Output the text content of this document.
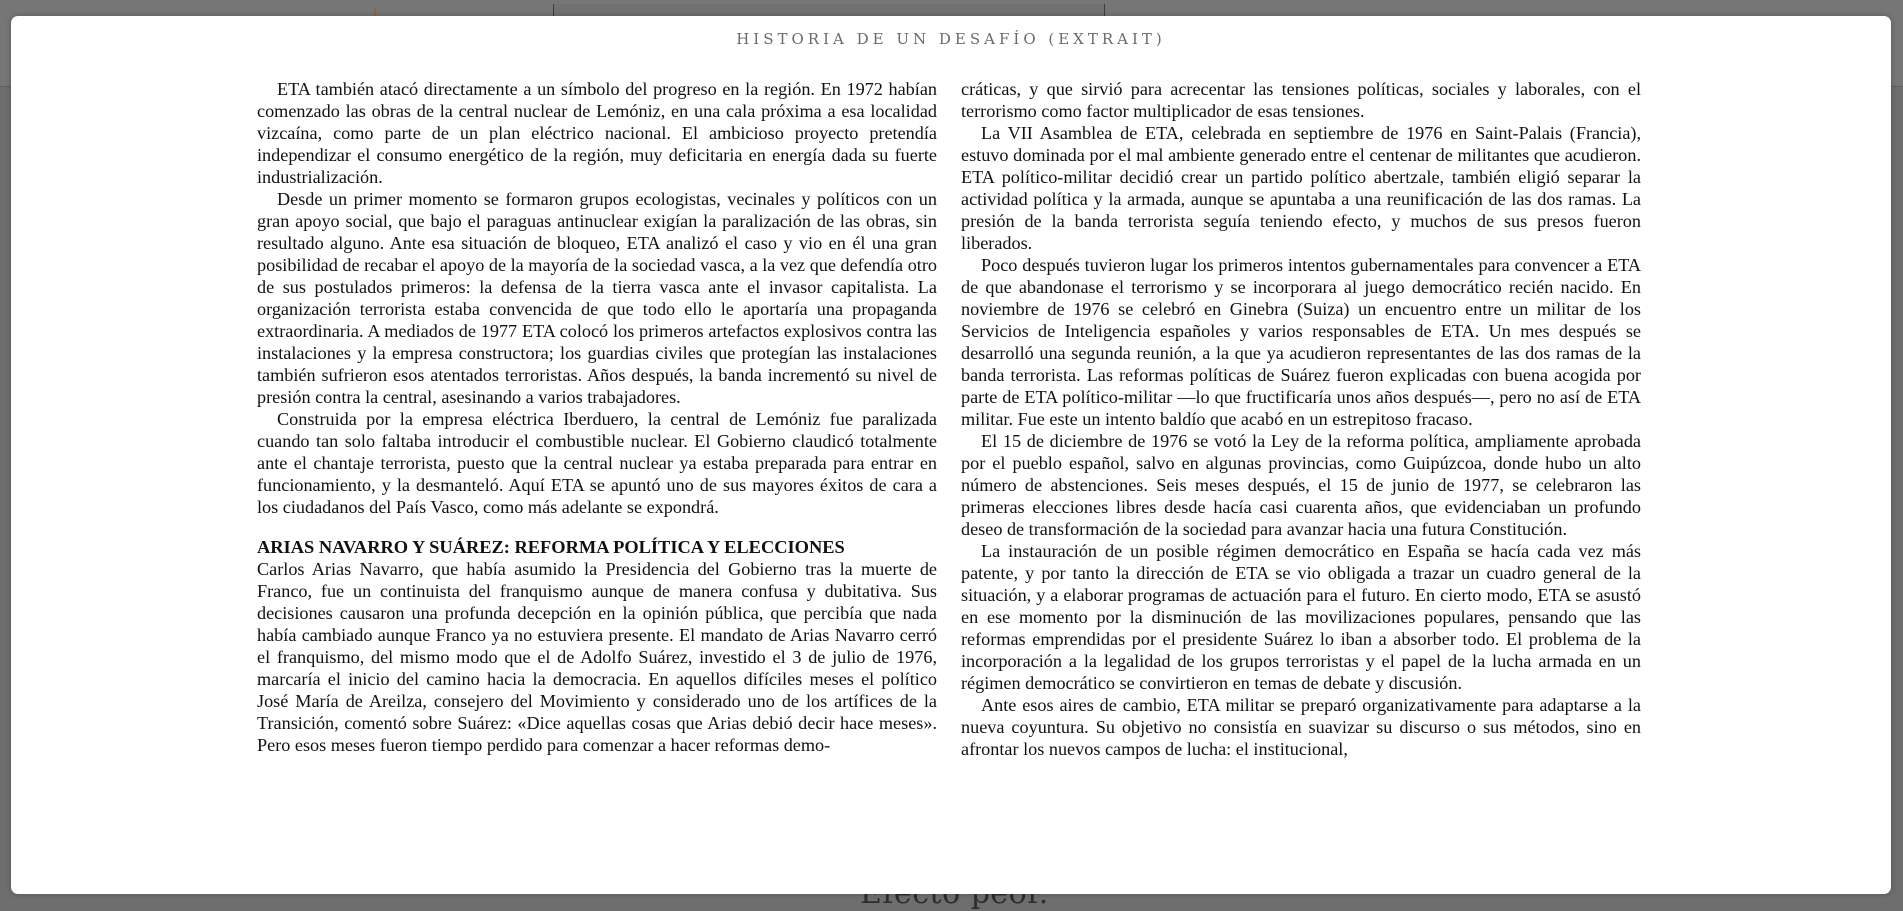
HISTORIA DE UN DESAFÍO (EXTRAIT)

ETA también atacó directamente a un símbolo del progreso en la región. En 1972 habían comenzado las obras de la central nuclear de Lemóniz, en una cala próxima a esa localidad vizcaína, como parte de un plan eléctrico nacional. El ambicioso proyecto pretendía independizar el consumo energético de la región, muy deficitaria en energía dada su fuerte industrialización.

Desde un primer momento se formaron grupos ecologistas, vecinales y políticos con un gran apoyo social, que bajo el paraguas antinuclear exigían la paralización de las obras, sin resultado alguno. Ante esa situación de bloqueo, ETA analizó el caso y vio en él una gran posibilidad de recabar el apoyo de la mayoría de la sociedad vasca, a la vez que defendía otro de sus postulados primeros: la defensa de la tierra vasca ante el invasor capitalista. La organización terrorista estaba convencida de que todo ello le aportaría una propaganda extraordinaria. A mediados de 1977 ETA colocó los primeros artefactos explosivos contra las instalaciones y la empresa constructora; los guardias civiles que protegían las instalaciones también sufrieron esos atentados terroristas. Años después, la banda incrementó su nivel de presión contra la central, asesinando a varios trabajadores.

Construida por la empresa eléctrica Iberduero, la central de Lemóniz fue paralizada cuando tan solo faltaba introducir el combustible nuclear. El Gobierno claudicó totalmente ante el chantaje terrorista, puesto que la central nuclear ya estaba preparada para entrar en funcionamiento, y la desmanteló. Aquí ETA se apuntó uno de sus mayores éxitos de cara a los ciudadanos del País Vasco, como más adelante se expondrá.

ARIAS NAVARRO Y SUÁREZ: REFORMA POLÍTICA Y ELECCIONES

Carlos Arias Navarro, que había asumido la Presidencia del Gobierno tras la muerte de Franco, fue un continuista del franquismo aunque de manera confusa y dubitativa. Sus decisiones causaron una profunda decepción en la opinión pública, que percibía que nada había cambiado aunque Franco ya no estuviera presente. El mandato de Arias Navarro cerró el franquismo, del mismo modo que el de Adolfo Suárez, investido el 3 de julio de 1976, marcaría el inicio del camino hacia la democracia. En aquellos difíciles meses el político José María de Areilza, consejero del Movimiento y considerado uno de los artífices de la Transición, comentó sobre Suárez: «Dice aquellas cosas que Arias debió decir hace meses». Pero esos meses fueron tiempo perdido para comenzar a hacer reformas demo-

cráticas, y que sirvió para acrecentar las tensiones políticas, sociales y laborales, con el terrorismo como factor multiplicador de esas tensiones.

La VII Asamblea de ETA, celebrada en septiembre de 1976 en Saint-Palais (Francia), estuvo dominada por el mal ambiente generado entre el centenar de militantes que acudieron. ETA político-militar decidió crear un partido político abertzale, también eligió separar la actividad política y la armada, aunque se apuntaba a una reunificación de las dos ramas. La presión de la banda terrorista seguía teniendo efecto, y muchos de sus presos fueron liberados.

Poco después tuvieron lugar los primeros intentos gubernamentales para convencer a ETA de que abandonase el terrorismo y se incorporara al juego democrático recién nacido. En noviembre de 1976 se celebró en Ginebra (Suiza) un encuentro entre un militar de los Servicios de Inteligencia españoles y varios responsables de ETA. Un mes después se desarrolló una segunda reunión, a la que ya acudieron representantes de las dos ramas de la banda terrorista. Las reformas políticas de Suárez fueron explicadas con buena acogida por parte de ETA político-militar —lo que fructificaría unos años después—, pero no así de ETA militar. Fue este un intento baldío que acabó en un estrepitoso fracaso.

El 15 de diciembre de 1976 se votó la Ley de la reforma política, ampliamente aprobada por el pueblo español, salvo en algunas provincias, como Guipúzcoa, donde hubo un alto número de abstenciones. Seis meses después, el 15 de junio de 1977, se celebraron las primeras elecciones libres desde hacía casi cuarenta años, que evidenciaban un profundo deseo de transformación de la sociedad para avanzar hacia una futura Constitución.

La instauración de un posible régimen democrático en España se hacía cada vez más patente, y por tanto la dirección de ETA se vio obligada a trazar un cuadro general de la situación, y a elaborar programas de actuación para el futuro. En cierto modo, ETA se asustó en ese momento por la disminución de las movilizaciones populares, pensando que las reformas emprendidas por el presidente Suárez lo iban a absorber todo. El problema de la incorporación a la legalidad de los grupos terroristas y el papel de la lucha armada en un régimen democrático se convirtieron en temas de debate y discusión.

Ante esos aires de cambio, ETA militar se preparó organizativamente para adaptarse a la nueva coyuntura. Su objetivo no consistía en suavizar su discurso o sus métodos, sino en afrontar los nuevos campos de lucha: el institucional,
